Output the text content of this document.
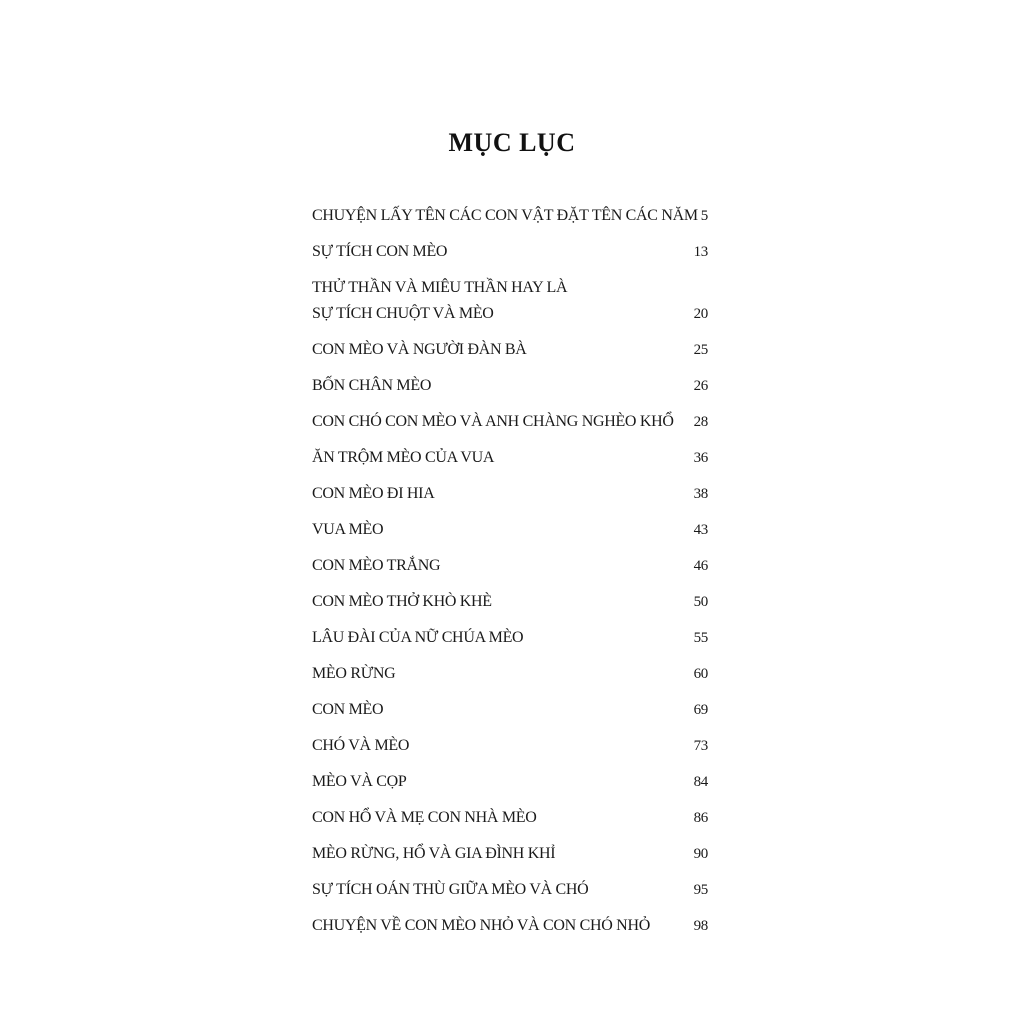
MỤC LỤC
CHUYỆN LẤY TÊN CÁC CON VẬT ĐẶT TÊN CÁC NĂM 5
SỰ TÍCH CON MÈO	13
THỬ THẦN VÀ MIÊU THẦN HAY LÀ
SỰ TÍCH CHUỘT VÀ MÈO	20
CON MÈO VÀ NGƯỜI ĐÀN BÀ	25
BỐN CHÂN MÈO	26
CON CHÓ CON MÈO VÀ ANH CHÀNG NGHÈO KHỔ	28
ĂN TRỘM MÈO CỦA VUA	36
CON MÈO ĐI HIA	38
VUA MÈO	43
CON MÈO TRẮNG	46
CON MÈO THỞ KHÒ KHÈ	50
LÂU ĐÀI CỦA NỮ CHÚA MÈO	55
MÈO RỪNG	60
CON MÈO	69
CHÓ VÀ MÈO	73
MÈO VÀ CỌP	84
CON HỔ VÀ MẸ CON NHÀ MÈO	86
MÈO RỪNG, HỔ VÀ GIA ĐÌNH KHỈ	90
SỰ TÍCH OÁN THÙ GIỮA MÈO VÀ CHÓ	95
CHUYỆN VỀ CON MÈO NHỎ VÀ CON CHÓ NHỎ	98
